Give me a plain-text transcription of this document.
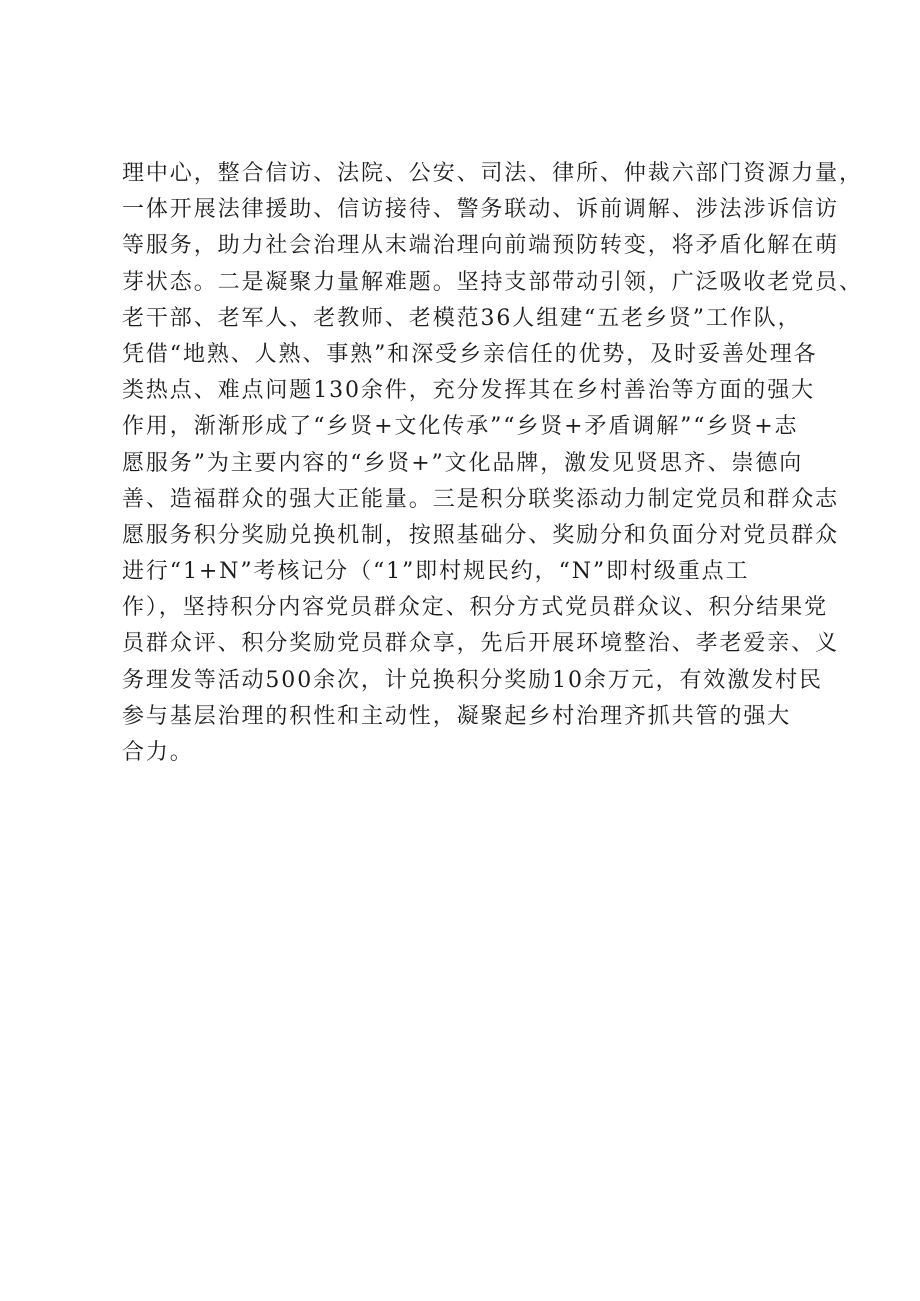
理中心，整合信访、法院、公安、司法、律所、仲裁六部门资源力量，
一体开展法律援助、信访接待、警务联动、诉前调解、涉法涉诉信访
等服务，助力社会治理从末端治理向前端预防转变，将矛盾化解在萌
芽状态。二是凝聚力量解难题。坚持支部带动引领，广泛吸收老党员、
老干部、老军人、老教师、老模范36人组建“五老乡贤”工作队，
凭借“地熟、人熟、事熟”和深受乡亲信任的优势，及时妥善处理各
类热点、难点问题130余件，充分发挥其在乡村善治等方面的强大
作用，渐渐形成了“乡贤+文化传承”“乡贤+矛盾调解”“乡贤+志
愿服务”为主要内容的“乡贤+”文化品牌，激发见贤思齐、崇德向
善、造福群众的强大正能量。三是积分联奖添动力制定党员和群众志
愿服务积分奖励兑换机制，按照基础分、奖励分和负面分对党员群众
进行“1+N”考核记分（“1”即村规民约，“N”即村级重点工
作），坚持积分内容党员群众定、积分方式党员群众议、积分结果党
员群众评、积分奖励党员群众享，先后开展环境整治、孝老爱亲、义
务理发等活动500余次，计兑换积分奖励10余万元，有效激发村民
参与基层治理的积性和主动性，凝聚起乡村治理齐抓共管的强大
合力。
